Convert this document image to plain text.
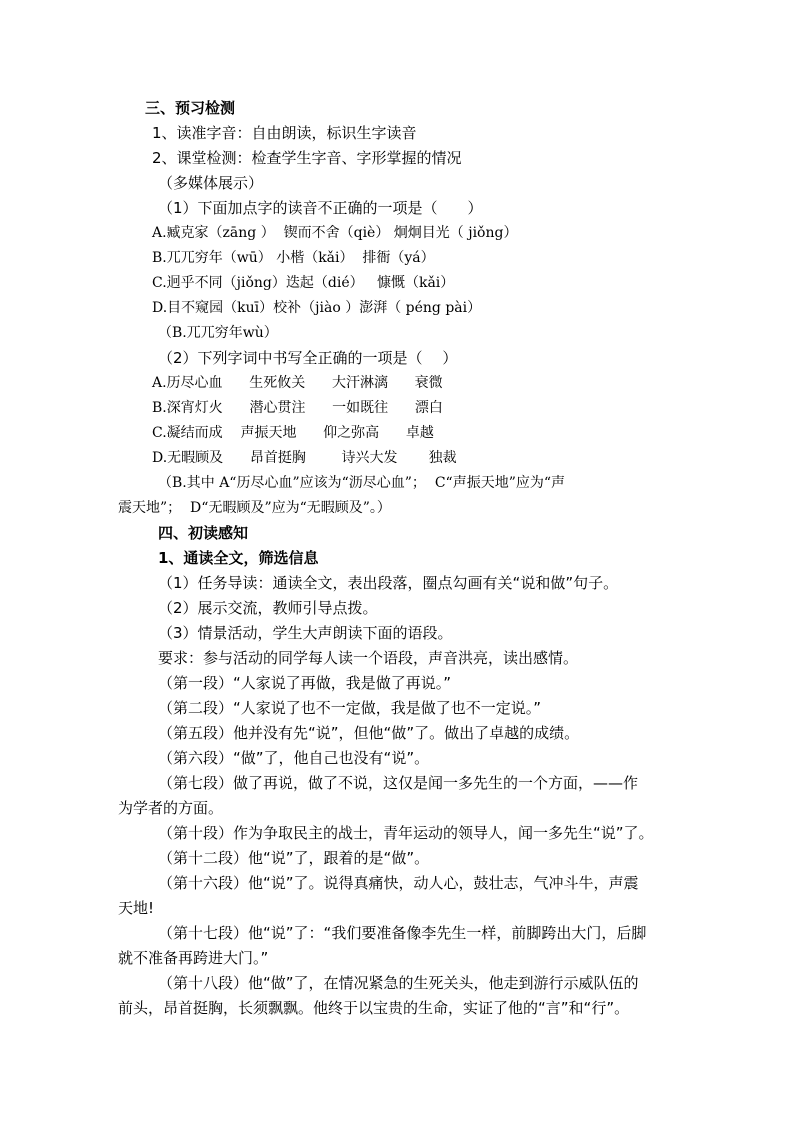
三、预习检测
1、读准字音：自由朗读，标识生字读音
2、课堂检测：检查学生字音、字形掌握的情况
（多媒体展示）
（1）下面加点字的读音不正确的一项是（　　）
A.臧克家（zāng ）  锲而不舍（qiè） 炯炯目光（ jiǒng）
B.兀兀穷年（wū） 小楷（kǎi）  排衙（yá）
C.迥乎不同（jiǒng）迭起（dié）   慷慨（kǎi）
D.目不窥园（kuī）校补（jiào ）澎湃（ péng pài）
（B.兀兀穷年wù）
（2）下列字词中书写全正确的一项是（　 ）
A.历尽心血      生死攸关      大汗淋漓      衰微
B.深宵灯火      潜心贯注      一如既往      漂白
C.凝结而成    声振天地      仰之弥高      卓越
D.无暇顾及      昂首挺胸        诗兴大发       独裁
（B.其中 A“历尽心血”应该为“沥尽心血”；  C“声振天地”应为“声
震天地”；  D“无暇顾及”应为“无暇顾及”。）
四、初读感知
1、通读全文，筛选信息
（1）任务导读：通读全文，表出段落，圈点勾画有关“说和做”句子。
（2）展示交流，教师引导点拨。
（3）情景活动，学生大声朗读下面的语段。
要求：参与活动的同学每人读一个语段，声音洪亮，读出感情。
（第一段）“人家说了再做，我是做了再说。”
（第二段）“人家说了也不一定做，我是做了也不一定说。”
（第五段）他并没有先“说”，但他“做”了。做出了卓越的成绩。
（第六段）“做”了，他自己也没有“说”。
（第七段）做了再说，做了不说，这仅是闻一多先生的一个方面，——作
为学者的方面。
（第十段）作为争取民主的战士，青年运动的领导人，闻一多先生“说”了。
（第十二段）他“说”了，跟着的是“做”。
（第十六段）他“说”了。说得真痛快，动人心，鼓壮志，气冲斗牛，声震
天地!
（第十七段）他“说”了：“我们要准备像李先生一样，前脚跨出大门，后脚
就不准备再跨进大门。”
（第十八段）他“做”了，在情况紧急的生死关头，他走到游行示威队伍的
前头，昂首挺胸，长须飘飘。他终于以宝贵的生命，实证了他的“言”和“行”。
